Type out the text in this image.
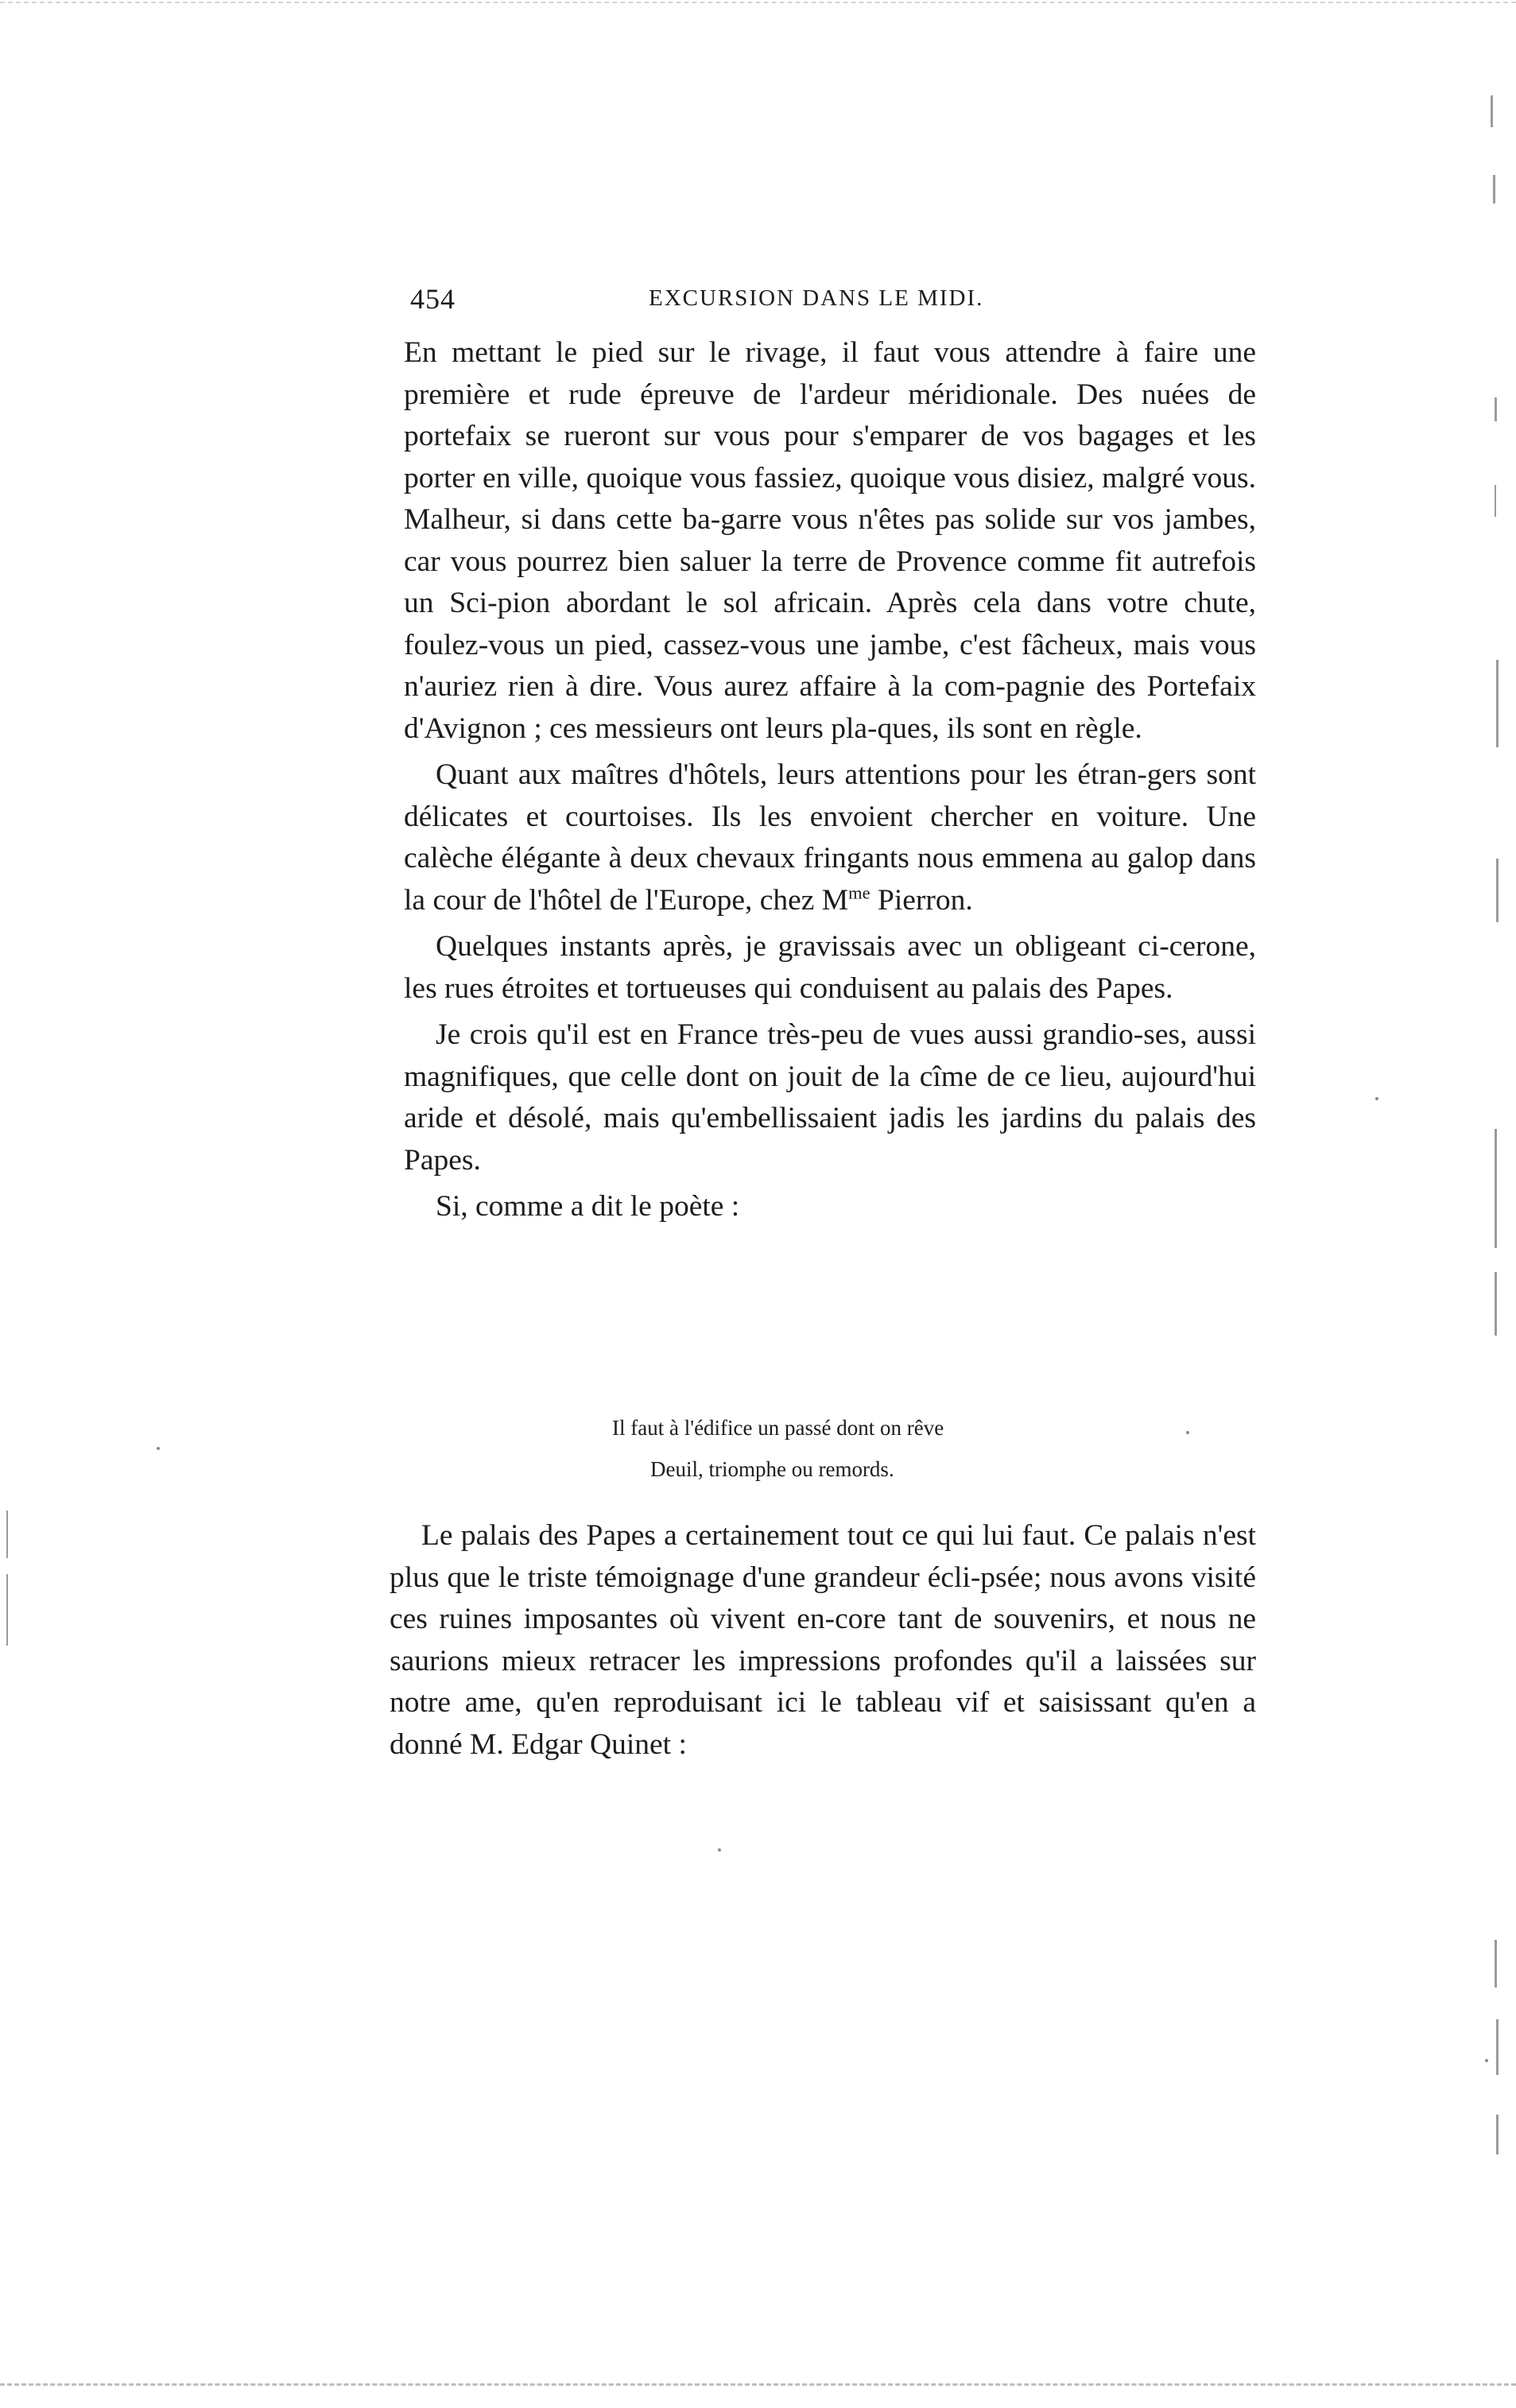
454	EXCURSION DANS LE MIDI.

En mettant le pied sur le rivage, il faut vous attendre à faire une première et rude épreuve de l'ardeur méridionale. Des nuées de portefaix se rueront sur vous pour s'emparer de vos bagages et les porter en ville, quoique vous fassiez, quoique vous disiez, malgré vous. Malheur, si dans cette ba-garre vous n'êtes pas solide sur vos jambes, car vous pourrez bien saluer la terre de Provence comme fit autrefois un Sci-pion abordant le sol africain. Après cela dans votre chute, foulez-vous un pied, cassez-vous une jambe, c'est fâcheux, mais vous n'auriez rien à dire. Vous aurez affaire à la com-pagnie des Portefaix d'Avignon ; ces messieurs ont leurs pla-ques, ils sont en règle.

Quant aux maîtres d'hôtels, leurs attentions pour les étran-gers sont délicates et courtoises. Ils les envoient chercher en voiture. Une calèche élégante à deux chevaux fringants nous emmena au galop dans la cour de l'hôtel de l'Europe, chez $M^{me}$ Pierron.

Quelques instants après, je gravissais avec un obligeant ci-cerone, les rues étroites et tortueuses qui conduisent au palais des Papes.

Je crois qu'il est en France très-peu de vues aussi grandio-ses, aussi magnifiques, que celle dont on jouit de la cîme de ce lieu, aujourd'hui aride et désolé, mais qu'embellissaient jadis les jardins du palais des Papes.

Si, comme a dit le poète :

Il faut à l'édifice un passé dont on rêve
Deuil, triomphe ou remords.

Le palais des Papes a certainement tout ce qui lui faut. Ce palais n'est plus que le triste témoignage d'une grandeur écli-psée; nous avons visité ces ruines imposantes où vivent en-core tant de souvenirs, et nous ne saurions mieux retracer les impressions profondes qu'il a laissées sur notre ame, qu'en reproduisant ici le tableau vif et saisissant qu'en a donné M. Edgar Quinet :
